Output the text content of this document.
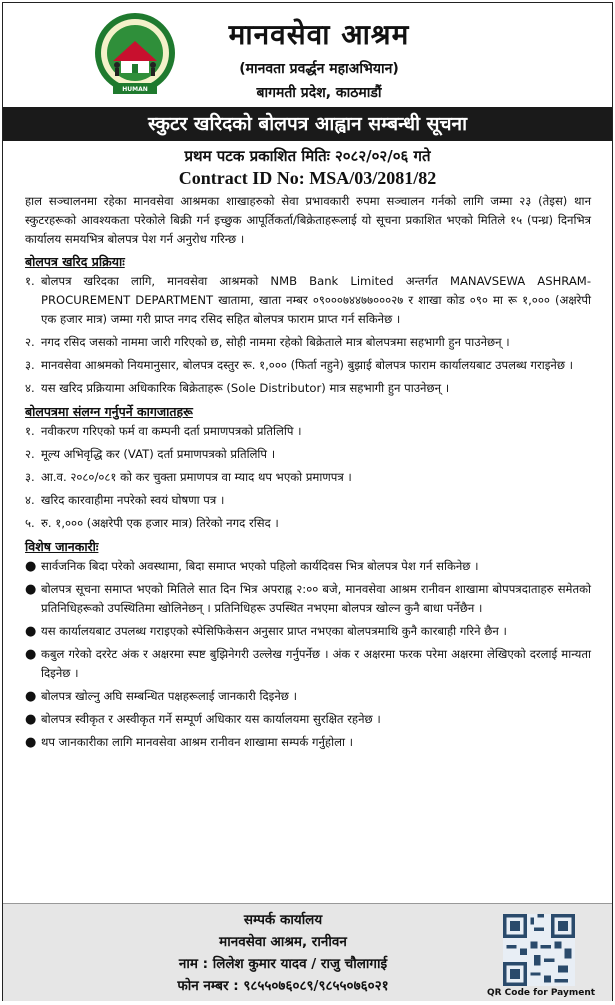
HUMAN
मानवसेवा आश्रम
(मानवता प्रवर्द्धन महाअभियान)
बागमती प्रदेश, काठमाडौं
स्कुटर खरिदको बोलपत्र आह्वान सम्बन्धी सूचना
प्रथम पटक प्रकाशित मितिः २०८२/०२/०६ गते
Contract ID No: MSA/03/2081/82

हाल सञ्चालनमा रहेका मानवसेवा आश्रमका शाखाहरुको सेवा प्रभावकारी रुपमा सञ्चालन गर्नको लागि जम्मा २३ (तेइस) थान स्कुटरहरूको आवश्यकता परेकोले बिक्री गर्न इच्छुक आपूर्तिकर्ता/बिक्रेताहरूलाई यो सूचना प्रकाशित भएको मितिले १५ (पन्ध्र) दिनभित्र कार्यालय समयभित्र बोलपत्र पेश गर्न अनुरोध गरिन्छ ।

बोलपत्र खरिद प्रक्रियाः
१. बोलपत्र खरिदका लागि, मानवसेवा आश्रमको NMB Bank Limited अन्तर्गत MANAVSEWA ASHRAM-PROCUREMENT DEPARTMENT खातामा, खाता नम्बर ०९०००७४४७७०००२७ र शाखा कोड ०९० मा रू १,००० (अक्षरेपी एक हजार मात्र) जम्मा गरी प्राप्त नगद रसिद सहित बोलपत्र फाराम प्राप्त गर्न सकिनेछ ।
२. नगद रसिद जसको नाममा जारी गरिएको छ, सोही नाममा रहेको बिक्रेताले मात्र बोलपत्रमा सहभागी हुन पाउनेछन् ।
३. मानवसेवा आश्रमको नियमानुसार, बोलपत्र दस्तुर रू. १,००० (फिर्ता नहुने) बुझाई बोलपत्र फाराम कार्यालयबाट उपलब्ध गराइनेछ ।
४. यस खरिद प्रक्रियामा अधिकारिक बिक्रेताहरू (Sole Distributor) मात्र सहभागी हुन पाउनेछन् ।
बोलपत्रमा संलग्न गर्नुपर्ने कागजातहरू
१. नवीकरण गरिएको फर्म वा कम्पनी दर्ता प्रमाणपत्रको प्रतिलिपि ।
२. मूल्य अभिवृद्धि कर (VAT) दर्ता प्रमाणपत्रको प्रतिलिपि ।
३. आ.व. २०८०/०८१ को कर चुक्ता प्रमाणपत्र वा म्याद थप भएको प्रमाणपत्र ।
४. खरिद कारवाहीमा नपरेको स्वयं घोषणा पत्र ।
५. रु. १,००० (अक्षरेपी एक हजार मात्र) तिरेको नगद रसिद ।
विशेष जानकारीः
● सार्वजनिक बिदा परेको अवस्थामा, बिदा समाप्त भएको पहिलो कार्यदिवस भित्र बोलपत्र पेश गर्न सकिनेछ ।
● बोलपत्र सूचना समाप्त भएको मितिले सात दिन भित्र अपराह्न २:०० बजे, मानवसेवा आश्रम रानीवन शाखामा बोपपत्रदाताहरु समेतको प्रतिनिधिहरूको उपस्थितिमा खोलिनेछन् । प्रतिनिधिहरू उपस्थित नभएमा बोलपत्र खोल्न कुनै बाधा पर्नेछैन ।
● यस कार्यालयबाट उपलब्ध गराइएको स्पेसिफिकेसन अनुसार प्राप्त नभएका बोलपत्रमाथि कुनै कारबाही गरिने छैन ।
● कबुल गरेको दररेट अंक र अक्षरमा स्पष्ट बुझिनेगरी उल्लेख गर्नुपर्नेछ । अंक र अक्षरमा फरक परेमा अक्षरमा लेखिएको दरलाई मान्यता दिइनेछ ।
● बोलपत्र खोल्नु अघि सम्बन्धित पक्षहरूलाई जानकारी दिइनेछ ।
● बोलपत्र स्वीकृत र अस्वीकृत गर्ने सम्पूर्ण अधिकार यस कार्यालयमा सुरक्षित रहनेछ ।
● थप जानकारीका लागि मानवसेवा आश्रम रानीवन शाखामा सम्पर्क गर्नुहोला ।
सम्पर्क कार्यालय
मानवसेवा आश्रम, रानीवन
नाम : लिलेश कुमार यादव / राजु चौलागाई
फोन नम्बर : ९८५५०७६०८९/९८५५०७६०२१	QR Code for Payment
